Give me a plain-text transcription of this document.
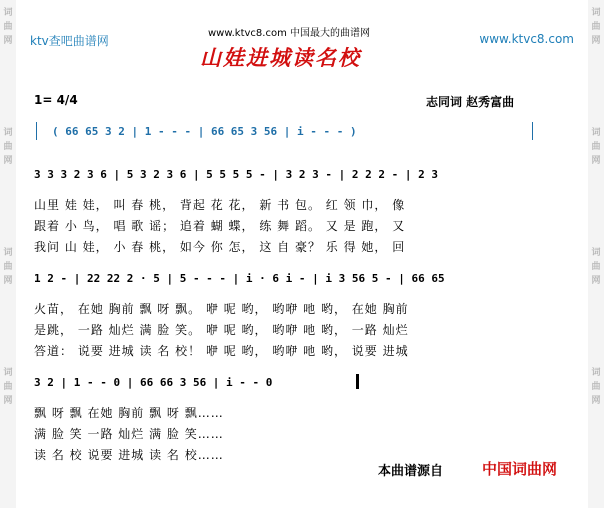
词曲网
词曲网
词曲网
词曲网
词曲网
词曲网
词曲网
词曲网
ktv查吧曲谱网
www.ktvc8.com 中国最大的曲谱网	www.ktvc8.com
山娃进城读名校
1= 4/4	志同词 赵秀富曲
( 66 65 3 2 | 1 - - - | 66 65 3 56 | i - - - )
3 3 3 2 3 6 | 5 3 2 3 6 | 5 5 5 5 - | 3 2 3 - | 2 2 2 - | 2 3
山里 娃 娃， 叫 春 桃， 背起 花 花， 新 书 包。 红 领 巾， 像
跟着 小 鸟， 唱 歌 谣； 追着 蝴 蝶， 练 舞 蹈。 又 是 跑， 又
我问 山 娃， 小 春 桃， 如今 你 怎， 这 自 豪？ 乐 得 她， 回
1 2 - | 22 22 2 · 5 | 5 - - - | i · 6 i - | i 3 56 5 - | 66 65
火苗， 在她 胸前 飘 呀 飘。 咿 呢 哟， 哟咿 吔 哟， 在她 胸前
是跳， 一路 灿烂 满 脸 笑。 咿 呢 哟， 哟咿 吔 哟， 一路 灿烂
答道： 说要 进城 读 名 校！ 咿 呢 哟， 哟咿 吔 哟， 说要 进城
3 2 | 1 - - 0 | 66 66 3 56 | i - - 0
飘 呀 飘 在她 胸前 飘 呀 飘……
满 脸 笑 一路 灿烂 满 脸 笑……
读 名 校 说要 进城 读 名 校……
本曲谱源自	中国词曲网
